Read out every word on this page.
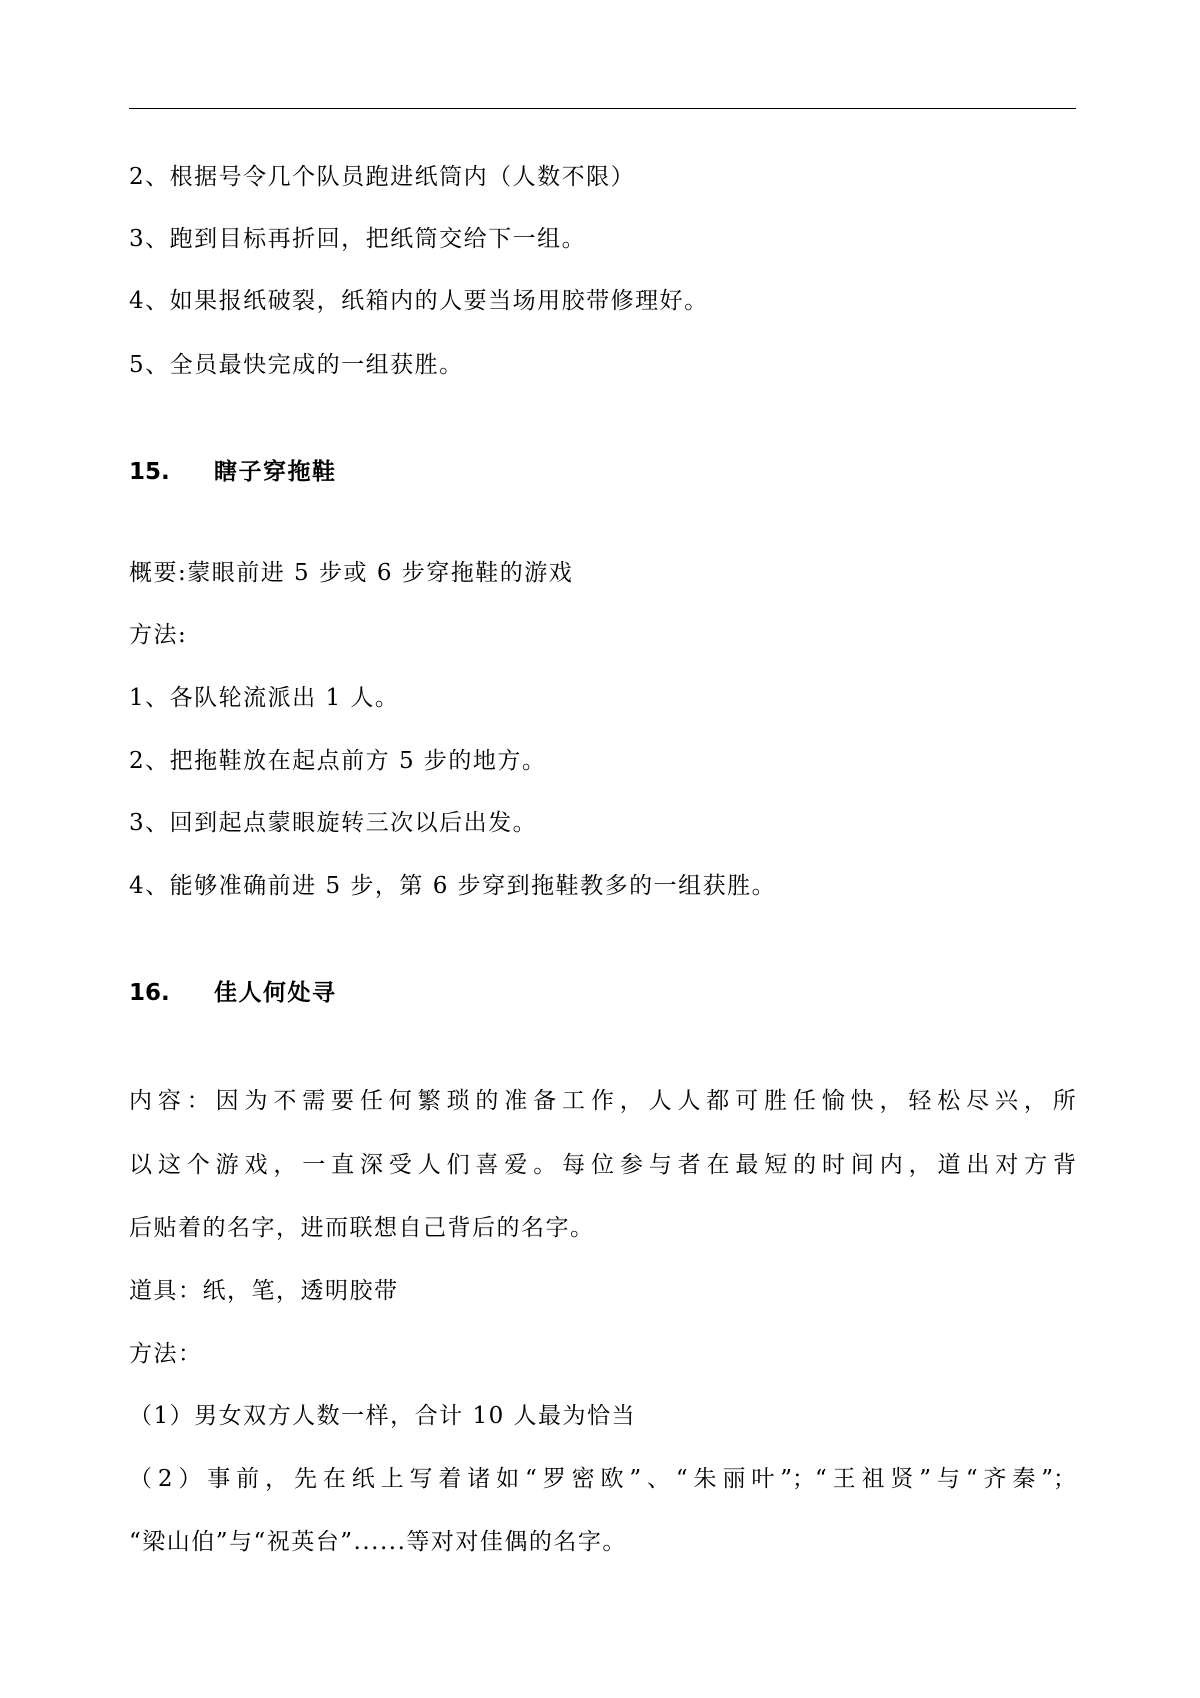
2、根据号令几个队员跑进纸筒内（人数不限）
3、跑到目标再折回，把纸筒交给下一组。
4、如果报纸破裂，纸箱内的人要当场用胶带修理好。
5、全员最快完成的一组获胜。
15. 瞎子穿拖鞋
概要:蒙眼前进 5 步或 6 步穿拖鞋的游戏
方法:
1、各队轮流派出 1 人。
2、把拖鞋放在起点前方 5 步的地方。
3、回到起点蒙眼旋转三次以后出发。
4、能够准确前进 5 步，第 6 步穿到拖鞋教多的一组获胜。
16. 佳人何处寻
内容：因为不需要任何繁琐的准备工作，人人都可胜任愉快，轻松尽兴，所
以这个游戏，一直深受人们喜爱。每位参与者在最短的时间内，道出对方背
后贴着的名字，进而联想自己背后的名字。
道具：纸，笔，透明胶带
方法：
（1）男女双方人数一样，合计 10 人最为恰当
（2）事前，先在纸上写着诸如“罗密欧”、“朱丽叶”；“王祖贤”与“齐秦”；
“梁山伯”与“祝英台”......等对对佳偶的名字。
